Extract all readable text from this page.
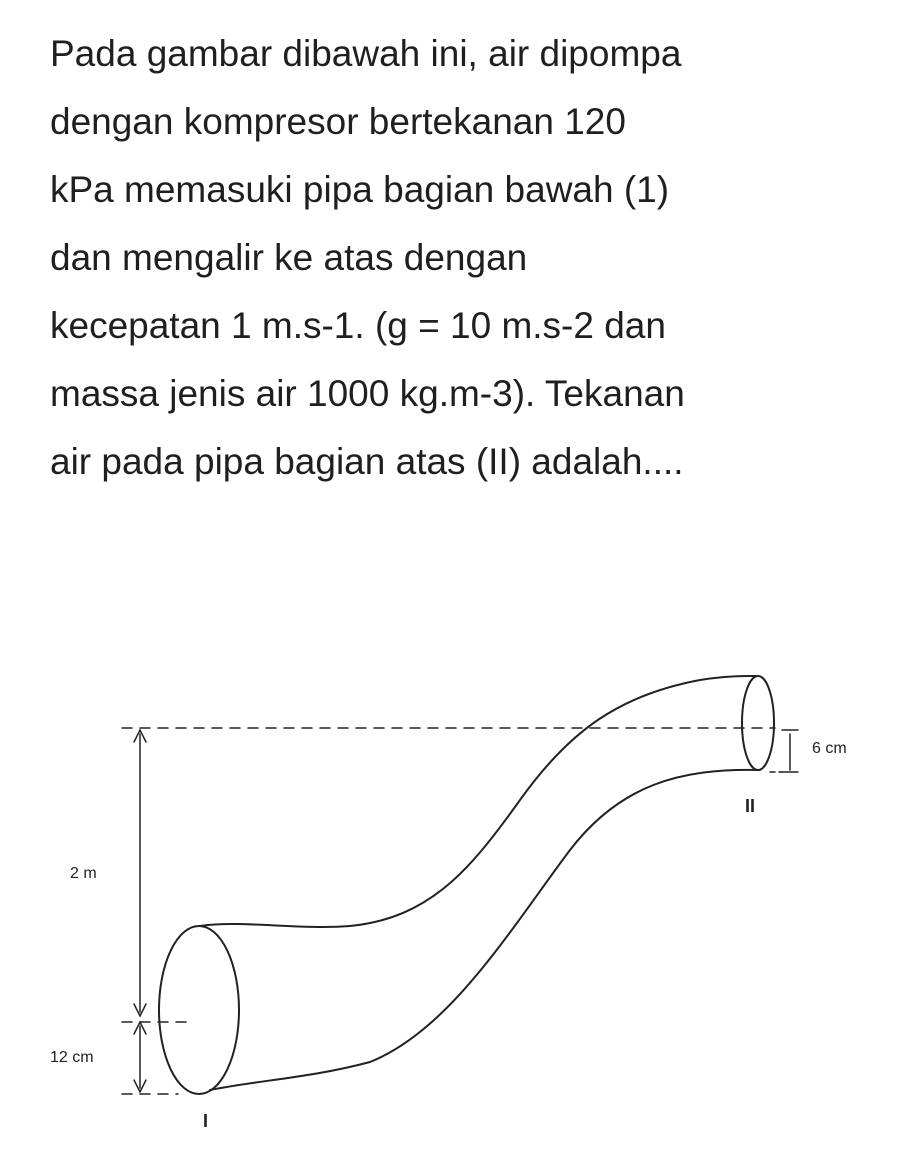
Pada gambar dibawah ini, air dipompa
dengan kompresor bertekanan 120
kPa memasuki pipa bagian bawah (1)
dan mengalir ke atas dengan
kecepatan 1 m.s-1. (g = 10 m.s-2 dan
massa jenis air 1000 kg.m-3). Tekanan
air pada pipa bagian atas (II) adalah....
2 m
12 cm
6 cm
I
II
